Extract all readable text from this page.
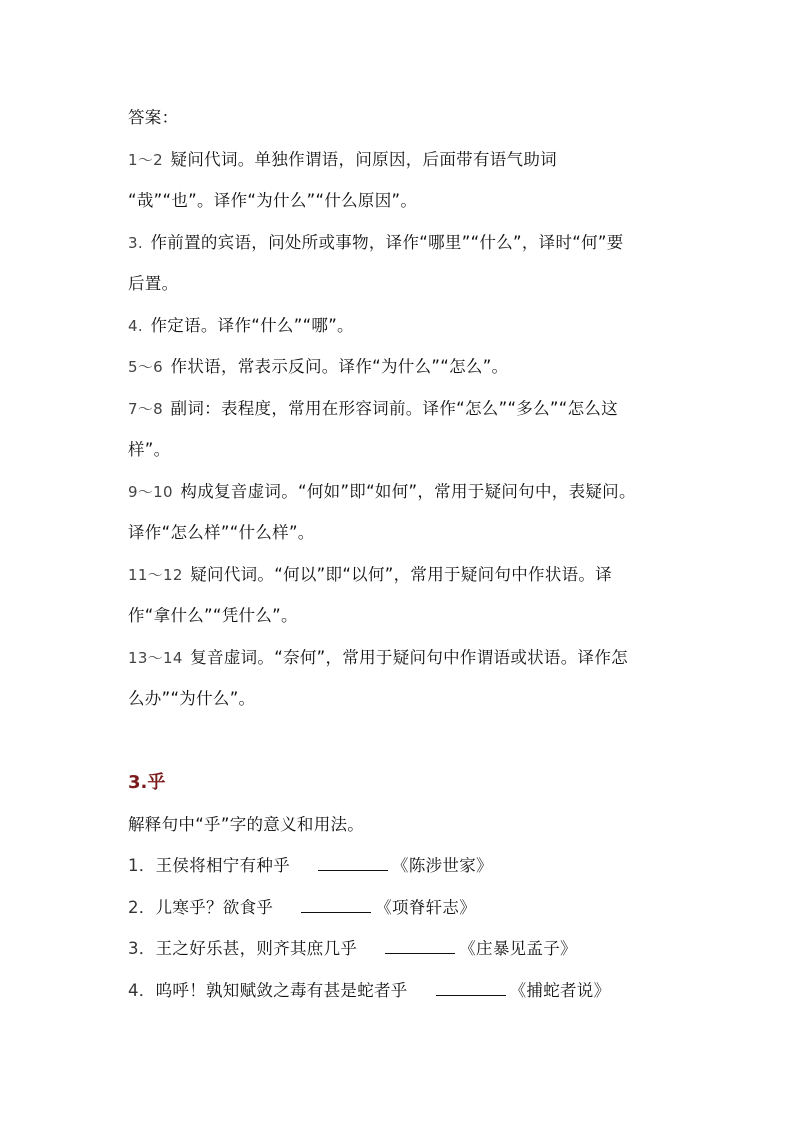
答案：
1～2 疑问代词。单独作谓语，问原因，后面带有语气助词
“哉”“也”。译作“为什么”“什么原因”。
3. 作前置的宾语，问处所或事物，译作“哪里”“什么”，译时“何”要
后置。
4. 作定语。译作“什么”“哪”。
5～6 作状语，常表示反问。译作“为什么”“怎么”。
7～8 副词：表程度，常用在形容词前。译作“怎么”“多么”“怎么这
样”。
9～10 构成复音虚词。“何如”即“如何”，常用于疑问句中，表疑问。
译作“怎么样”“什么样”。
11～12 疑问代词。“何以”即“以何”，常用于疑问句中作状语。译
作“拿什么”“凭什么”。
13～14 复音虚词。“奈何”，常用于疑问句中作谓语或状语。译作怎
么办”“为什么”。
3.乎
解释句中“乎”字的意义和用法。
1．王侯将相宁有种乎	《陈涉世家》
2．儿寒乎？欲食乎	《项脊轩志》
3．王之好乐甚，则齐其庶几乎	《庄暴见孟子》
4．呜呼！孰知赋敛之毒有甚是蛇者乎	《捕蛇者说》
